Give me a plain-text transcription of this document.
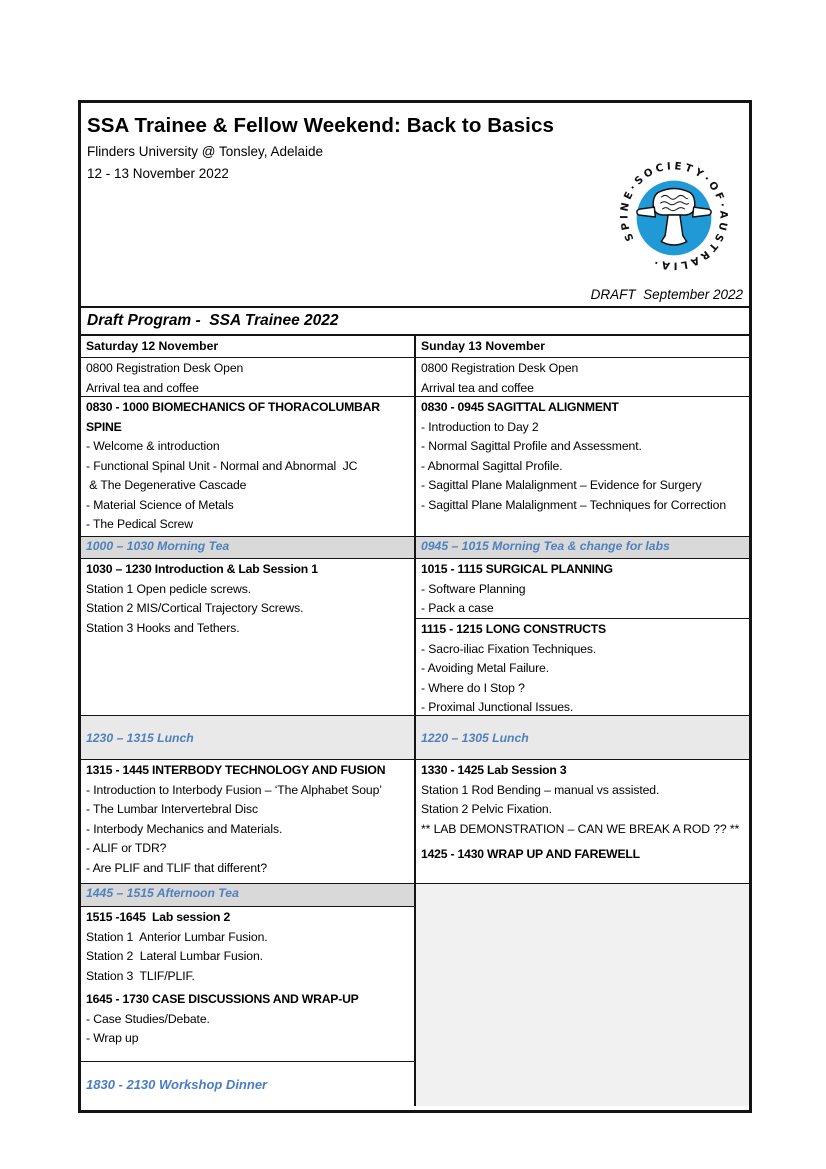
SSA Trainee & Fellow Weekend: Back to Basics
Flinders University @ Tonsley, Adelaide
12 - 13 November 2022
SPINE·SOCIETY·OF·AUSTRALIA·
DRAFT  September 2022
Draft Program -  SSA Trainee 2022
Saturday 12 November
0800 Registration Desk Open
Arrival tea and coffee
0830 - 1000 BIOMECHANICS OF THORACOLUMBAR SPINE
- Welcome & introduction
- Functional Spinal Unit - Normal and Abnormal  JC
& The Degenerative Cascade
- Material Science of Metals
- The Pedical Screw
1000 – 1030 Morning Tea
1030 – 1230 Introduction & Lab Session 1
Station 1 Open pedicle screws.
Station 2 MIS/Cortical Trajectory Screws.
Station 3 Hooks and Tethers.
1230 – 1315 Lunch
1315 - 1445 INTERBODY TECHNOLOGY AND FUSION
- Introduction to Interbody Fusion – ‘The Alphabet Soup’
- The Lumbar Intervertebral Disc
- Interbody Mechanics and Materials.
- ALIF or TDR?
- Are PLIF and TLIF that different?
1445 – 1515 Afternoon Tea
1515 -1645  Lab session 2
Station 1  Anterior Lumbar Fusion.
Station 2  Lateral Lumbar Fusion.
Station 3  TLIF/PLIF.
1645 - 1730 CASE DISCUSSIONS AND WRAP-UP
- Case Studies/Debate.
- Wrap up
1830 - 2130 Workshop Dinner
Sunday 13 November
0800 Registration Desk Open
Arrival tea and coffee
0830 - 0945 SAGITTAL ALIGNMENT
- Introduction to Day 2
- Normal Sagittal Profile and Assessment.
- Abnormal Sagittal Profile.
- Sagittal Plane Malalignment – Evidence for Surgery
- Sagittal Plane Malalignment – Techniques for Correction
0945 – 1015 Morning Tea & change for labs
1015 - 1115 SURGICAL PLANNING
- Software Planning
- Pack a case
1115 - 1215 LONG CONSTRUCTS
- Sacro-iliac Fixation Techniques.
- Avoiding Metal Failure.
- Where do I Stop ?
- Proximal Junctional Issues.
1220 – 1305 Lunch
1330 - 1425 Lab Session 3
Station 1 Rod Bending – manual vs assisted.
Station 2 Pelvic Fixation.
** LAB DEMONSTRATION – CAN WE BREAK A ROD ?? **
1425 - 1430 WRAP UP AND FAREWELL
